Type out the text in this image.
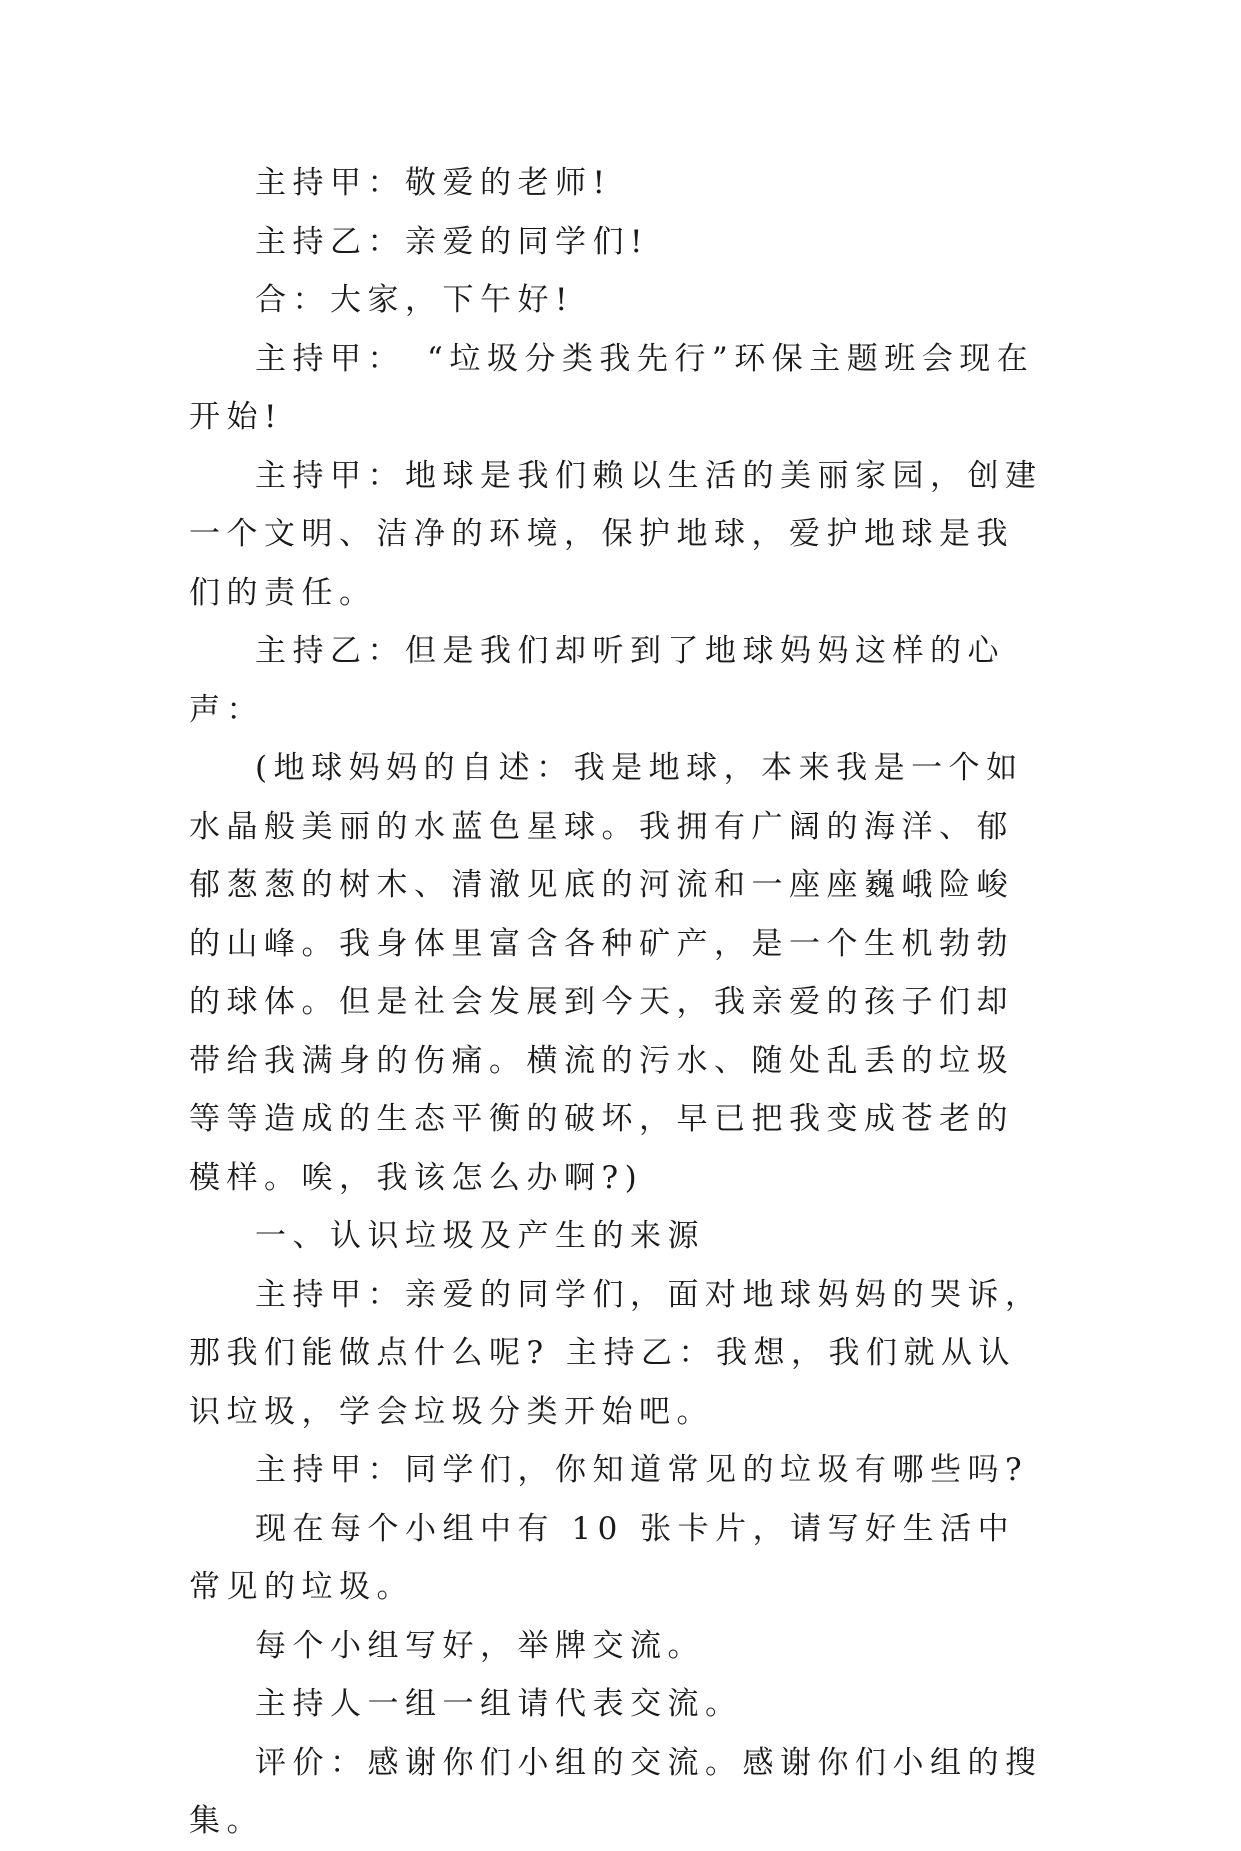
主持甲：敬爱的老师!

主持乙：亲爱的同学们!

合：大家，下午好!

主持甲：　“垃圾分类我先行”环保主题班会现在开始!

主持甲：地球是我们赖以生活的美丽家园，创建一个文明、洁净的环境，保护地球，爱护地球是我们的责任。

主持乙：但是我们却听到了地球妈妈这样的心声：

(地球妈妈的自述：我是地球，本来我是一个如水晶般美丽的水蓝色星球。我拥有广阔的海洋、郁郁葱葱的树木、清澈见底的河流和一座座巍峨险峻的山峰。我身体里富含各种矿产，是一个生机勃勃的球体。但是社会发展到今天，我亲爱的孩子们却带给我满身的伤痛。横流的污水、随处乱丢的垃圾等等造成的生态平衡的破坏，早已把我变成苍老的模样。唉，我该怎么办啊?)

一、认识垃圾及产生的来源

主持甲：亲爱的同学们，面对地球妈妈的哭诉，那我们能做点什么呢? 主持乙：我想，我们就从认识垃圾，学会垃圾分类开始吧。

主持甲：同学们，你知道常见的垃圾有哪些吗?

现在每个小组中有 10 张卡片，请写好生活中常见的垃圾。

每个小组写好，举牌交流。

主持人一组一组请代表交流。

评价：感谢你们小组的交流。感谢你们小组的搜集。
